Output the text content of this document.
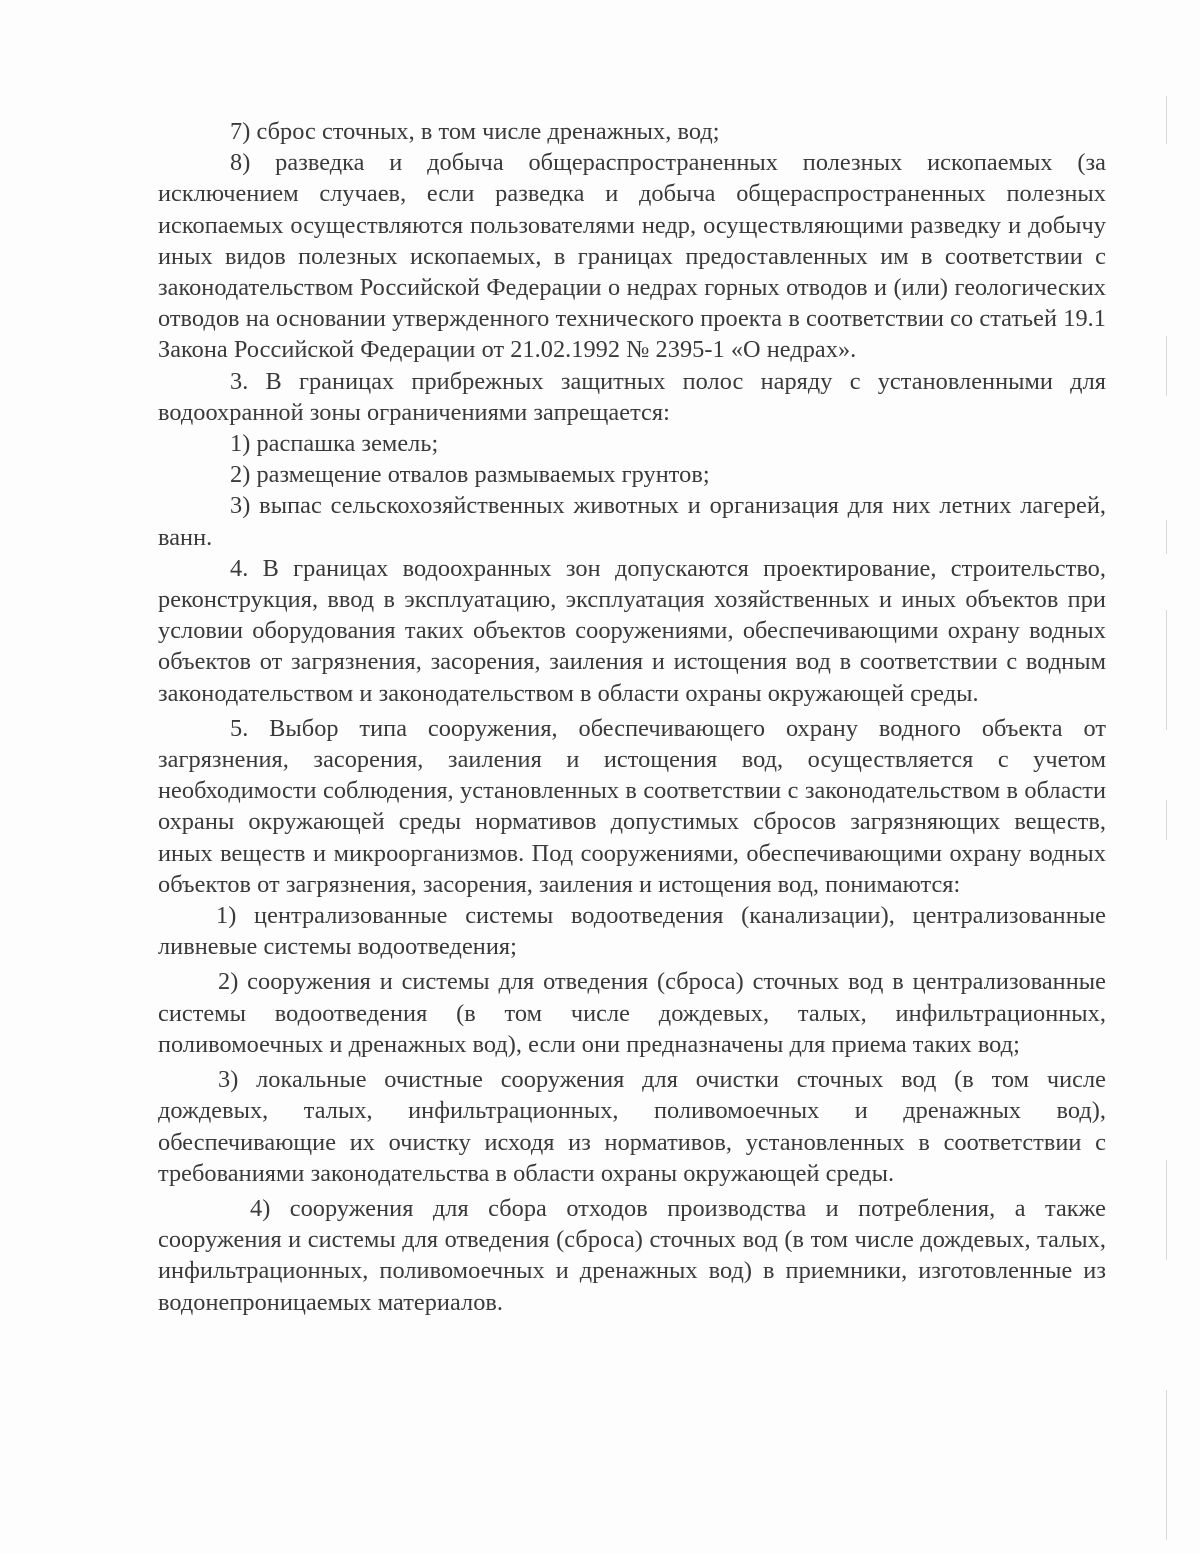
7) сброс сточных, в том числе дренажных, вод;

8) разведка и добыча общераспространенных полезных ископаемых (за исключением случаев, если разведка и добыча общераспространенных полезных ископаемых осуществляются пользователями недр, осуществляющими разведку и добычу иных видов полезных ископаемых, в границах предоставленных им в соответствии с законодательством Российской Федерации о недрах горных отводов и (или) геологических отводов на основании утвержденного технического проекта в соответствии со статьей 19.1 Закона Российской Федерации от 21.02.1992 № 2395-1 «О недрах».

3. В границах прибрежных защитных полос наряду с установленными для водоохранной зоны ограничениями запрещается:

1) распашка земель;

2) размещение отвалов размываемых грунтов;

3) выпас сельскохозяйственных животных и организация для них летних лагерей, ванн.

4. В границах водоохранных зон допускаются проектирование, строительство, реконструкция, ввод в эксплуатацию, эксплуатация хозяйственных и иных объектов при условии оборудования таких объектов сооружениями, обеспечивающими охрану водных объектов от загрязнения, засорения, заиления и истощения вод в соответствии с водным законодательством и законодательством в области охраны окружающей среды.

5. Выбор типа сооружения, обеспечивающего охрану водного объекта от загрязнения, засорения, заиления и истощения вод, осуществляется с учетом необходимости соблюдения, установленных в соответствии с законодательством в области охраны окружающей среды нормативов допустимых сбросов загрязняющих веществ, иных веществ и микроорганизмов. Под сооружениями, обеспечивающими охрану водных объектов от загрязнения, засорения, заиления и истощения вод, понимаются:

1) централизованные системы водоотведения (канализации), централизованные ливневые системы водоотведения;

2) сооружения и системы для отведения (сброса) сточных вод в централизованные системы водоотведения (в том числе дождевых, талых, инфильтрационных, поливомоечных и дренажных вод), если они предназначены для приема таких вод;

3) локальные очистные сооружения для очистки сточных вод (в том числе дождевых, талых, инфильтрационных, поливомоечных и дренажных вод), обеспечивающие их очистку исходя из нормативов, установленных в соответствии с требованиями законодательства в области охраны окружающей среды.

4) сооружения для сбора отходов производства и потребления, а также сооружения и системы для отведения (сброса) сточных вод (в том числе дождевых, талых, инфильтрационных, поливомоечных и дренажных вод) в приемники, изготовленные из водонепроницаемых материалов.
